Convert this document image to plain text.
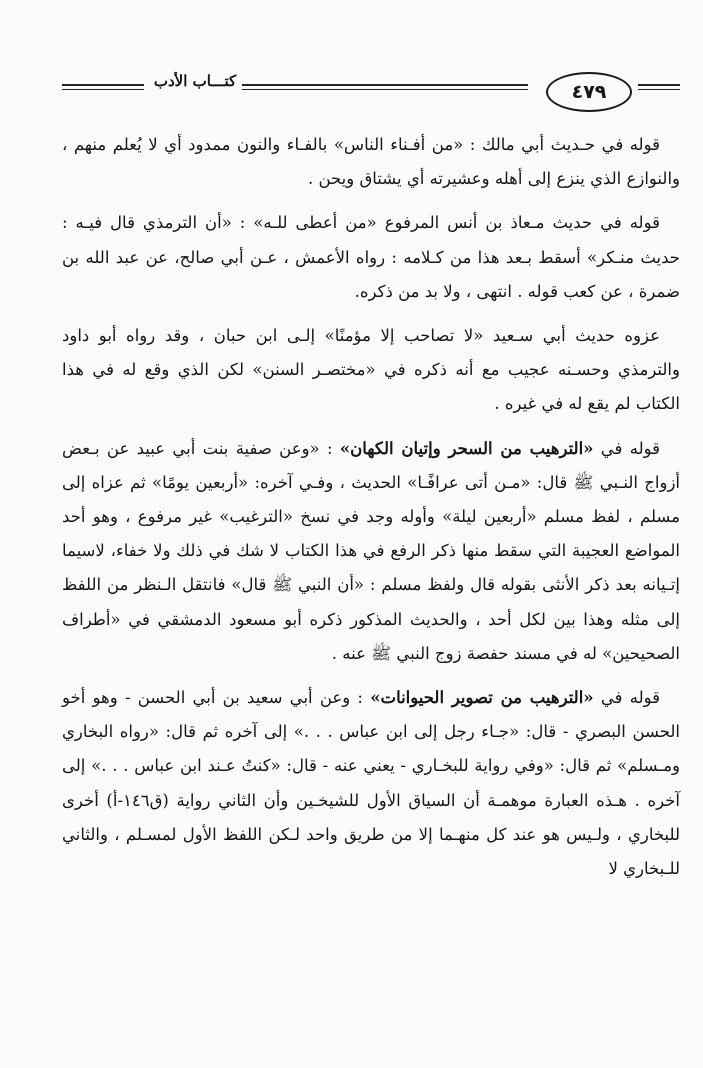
كتـــاب الأدب	٤٧٩

قوله في حـديث أبي مالك : «من أفـناء الناس» بالفـاء والنون ممدود أي لا يُعلم منهم ، والنوازع الذي ينزع إلى أهله وعشيرته أي يشتاق ويحن .

قوله في حديث مـعاذ بن أنس المرفوع «من أعطى للـه» : «أن الترمذي قال فيـه : حديث منـكر» أسقط بـعد هذا من كـلامه : رواه الأعمش ، عـن أبي صالح، عن عبد الله بن ضمرة ، عن كعب قوله . انتهى ، ولا بد من ذكره.

عزوه حديث أبي سـعيد «لا تصاحب إلا مؤمنًا» إلـى ابن حبان ، وقد رواه أبو داود والترمذي وحسـنه عجيب مع أنه ذكره في «مختصـر السنن» لكن الذي وقع له في هذا الكتاب لم يقع له في غيره .

قوله في «الترهيب من السحر وإتيان الكهان» : «وعن صفية بنت أبي عبيد عن بـعض أزواج النـبي ﷺ قال: «مـن أتى عرافًـا» الحديث ، وفـي آخره: «أربعين يومًا» ثم عزاه إلى مسلم ، لفظ مسلم «أربعين ليلة» وأوله وجد في نسخ «الترغيب» غير مرفوع ، وهو أحد المواضع العجيبة التي سقط منها ذكر الرفع في هذا الكتاب لا شك في ذلك ولا خفاء، لاسيما إتـيانه بعد ذكر الأنثى بقوله قال ولفظ مسلم : «أن النبي ﷺ قال» فانتقل الـنظر من اللفظ إلى مثله وهذا بين لكل أحد ، والحديث المذكور ذكره أبو مسعود الدمشقي في «أطراف الصحيحين» له في مسند حفصة زوج النبي ﷺ عنه .

قوله في «الترهيب من تصوير الحيوانات» : وعن أبي سعيد بن أبي الحسن - وهو أخو الحسن البصري - قال: «جـاء رجل إلى ابن عباس . . .» إلى آخره ثم قال: «رواه البخاري ومـسلم» ثم قال: «وفي رواية للبخـاري - يعني عنه - قال: «كنتُ عـند ابن عباس . . .» إلى آخره . هـذه العبارة موهمـة أن السياق الأول للشيخـين وأن الثاني رواية (ق١٤٦-أ) أخرى للبخاري ، ولـيس هو عند كل منهـما إلا من طريق واحد لـكن اللفظ الأول لمسـلم ، والثاني للـبخاري لا
